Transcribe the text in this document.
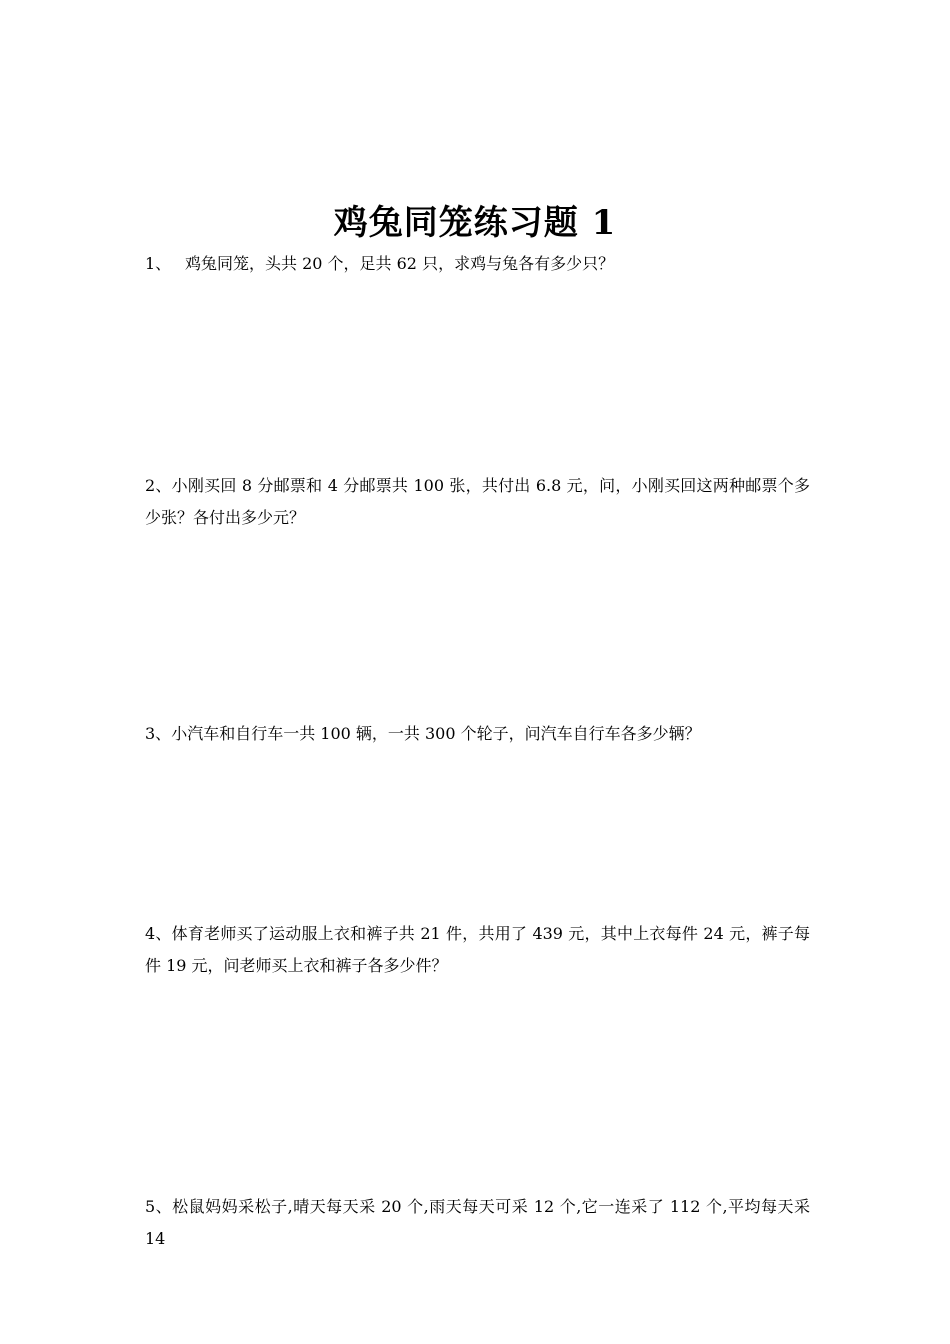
鸡兔同笼练习题 1
1、 鸡兔同笼，头共 20 个，足共 62 只，求鸡与兔各有多少只？
2、小刚买回 8 分邮票和 4 分邮票共 100 张，共付出 6.8 元，问，小刚买回这两种邮票个多少张？各付出多少元？
3、小汽车和自行车一共 100 辆，一共 300 个轮子，问汽车自行车各多少辆？
4、体育老师买了运动服上衣和裤子共 21 件，共用了 439 元，其中上衣每件 24 元，裤子每件 19 元，问老师买上衣和裤子各多少件？
5、松鼠妈妈采松子,晴天每天采 20 个,雨天每天可采 12 个,它一连采了 112 个,平均每天采 14
